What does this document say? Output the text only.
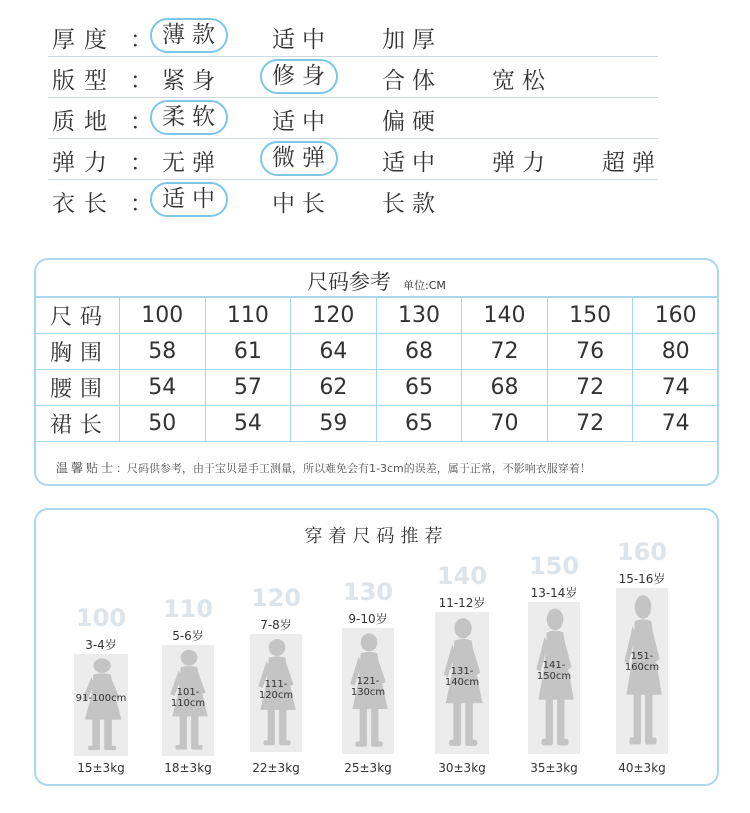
厚度 ： 薄款 适中 加厚
版型 ： 紧身	修身 合体 宽松
质地 ： 柔软 适中 偏硬
弹力 ： 无弹	微弹 适中 弹力 超弹
衣长 ： 适中 中长 长款
尺码参考 单位:CM
尺码	100	110	120	130	140	150	160
胸围	58	61	64	68	72	76	80
腰围	54	57	62	65	68	72	74
裙长	50	54	59	65	70	72	74
温馨贴士：尺码供参考，由于宝贝是手工测量，所以难免会有1-3cm的误差，属于正常，不影响衣服穿着！
穿着尺码推荐
100
3-4岁
91-100cm
15±3kg
110
5-6岁
101-110cm
18±3kg
120
7-8岁
111-120cm
22±3kg
130
9-10岁
121-130cm
25±3kg
140
11-12岁
131-140cm
30±3kg
150
13-14岁
141-150cm
35±3kg
160
15-16岁
151-160cm
40±3kg
